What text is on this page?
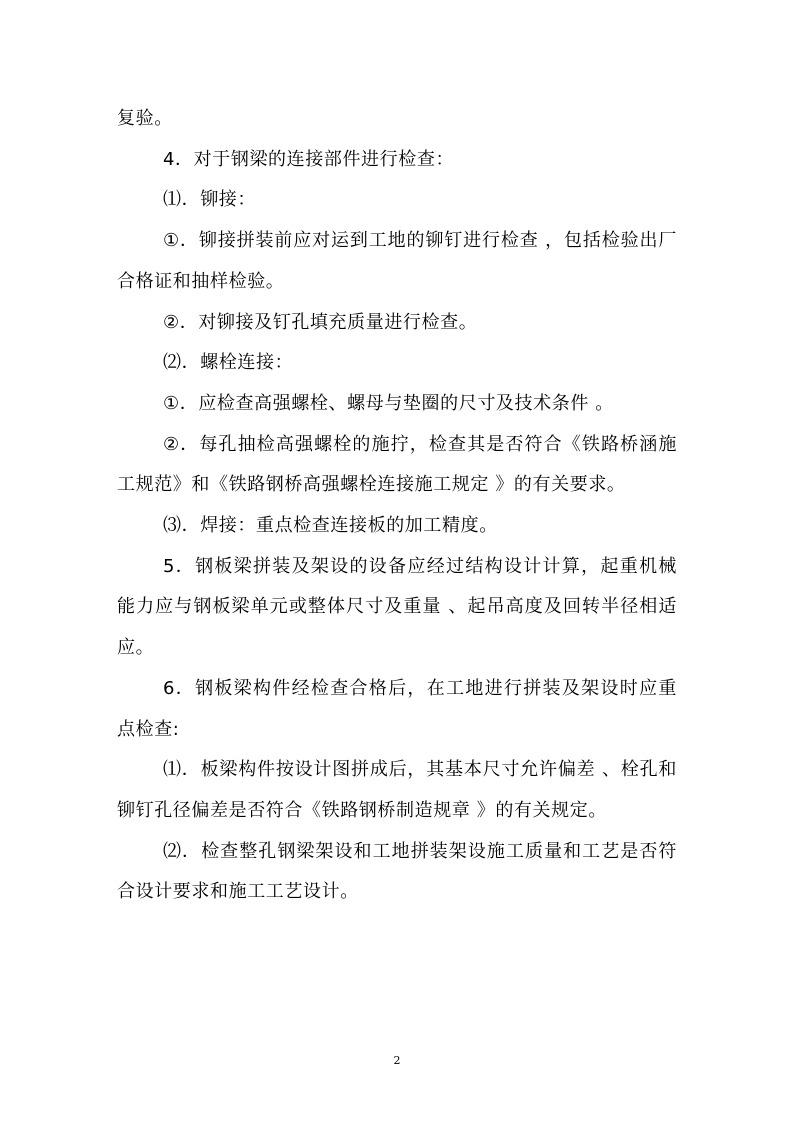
复验。

4．对于钢梁的连接部件进行检查：

⑴．铆接：

①．铆接拼装前应对运到工地的铆钉进行检查 ，包括检验出厂合格证和抽样检验。

②．对铆接及钉孔填充质量进行检查。

⑵．螺栓连接：

①．应检查高强螺栓、螺母与垫圈的尺寸及技术条件 。

②．每孔抽检高强螺栓的施拧，检查其是否符合《铁路桥涵施工规范》和《铁路钢桥高强螺栓连接施工规定 》的有关要求。

⑶．焊接：重点检查连接板的加工精度。

5．钢板梁拼装及架设的设备应经过结构设计计算，起重机械能力应与钢板梁单元或整体尺寸及重量 、起吊高度及回转半径相适应。

6．钢板梁构件经检查合格后，在工地进行拼装及架设时应重点检查:

⑴．板梁构件按设计图拼成后，其基本尺寸允许偏差 、栓孔和铆钉孔径偏差是否符合《铁路钢桥制造规章 》的有关规定。

⑵．检查整孔钢梁架设和工地拼装架设施工质量和工艺是否符合设计要求和施工工艺设计。

2
